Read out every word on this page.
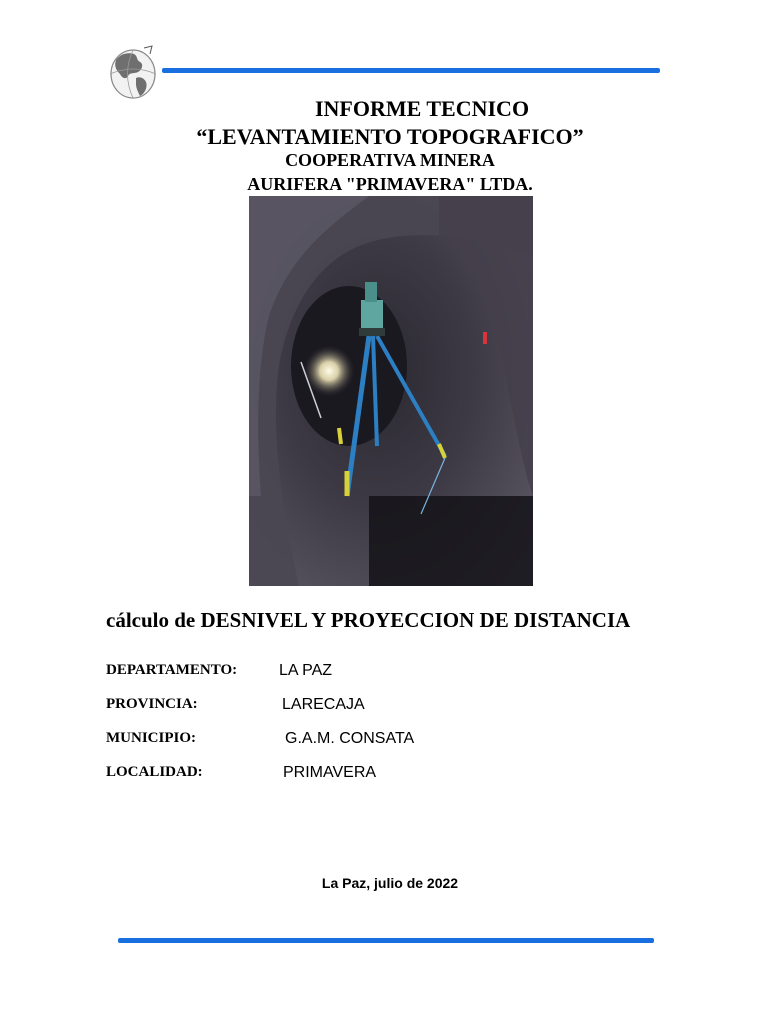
INFORME TECNICO
“LEVANTAMIENTO TOPOGRAFICO”
COOPERATIVA MINERA
AURIFERA "PRIMAVERA" LTDA.
cálculo de DESNIVEL Y PROYECCION DE DISTANCIA
DEPARTAMENTO:	LA PAZ
PROVINCIA:	LARECAJA
MUNICIPIO:	G.A.M. CONSATA
LOCALIDAD:	PRIMAVERA
La Paz, julio de 2022
